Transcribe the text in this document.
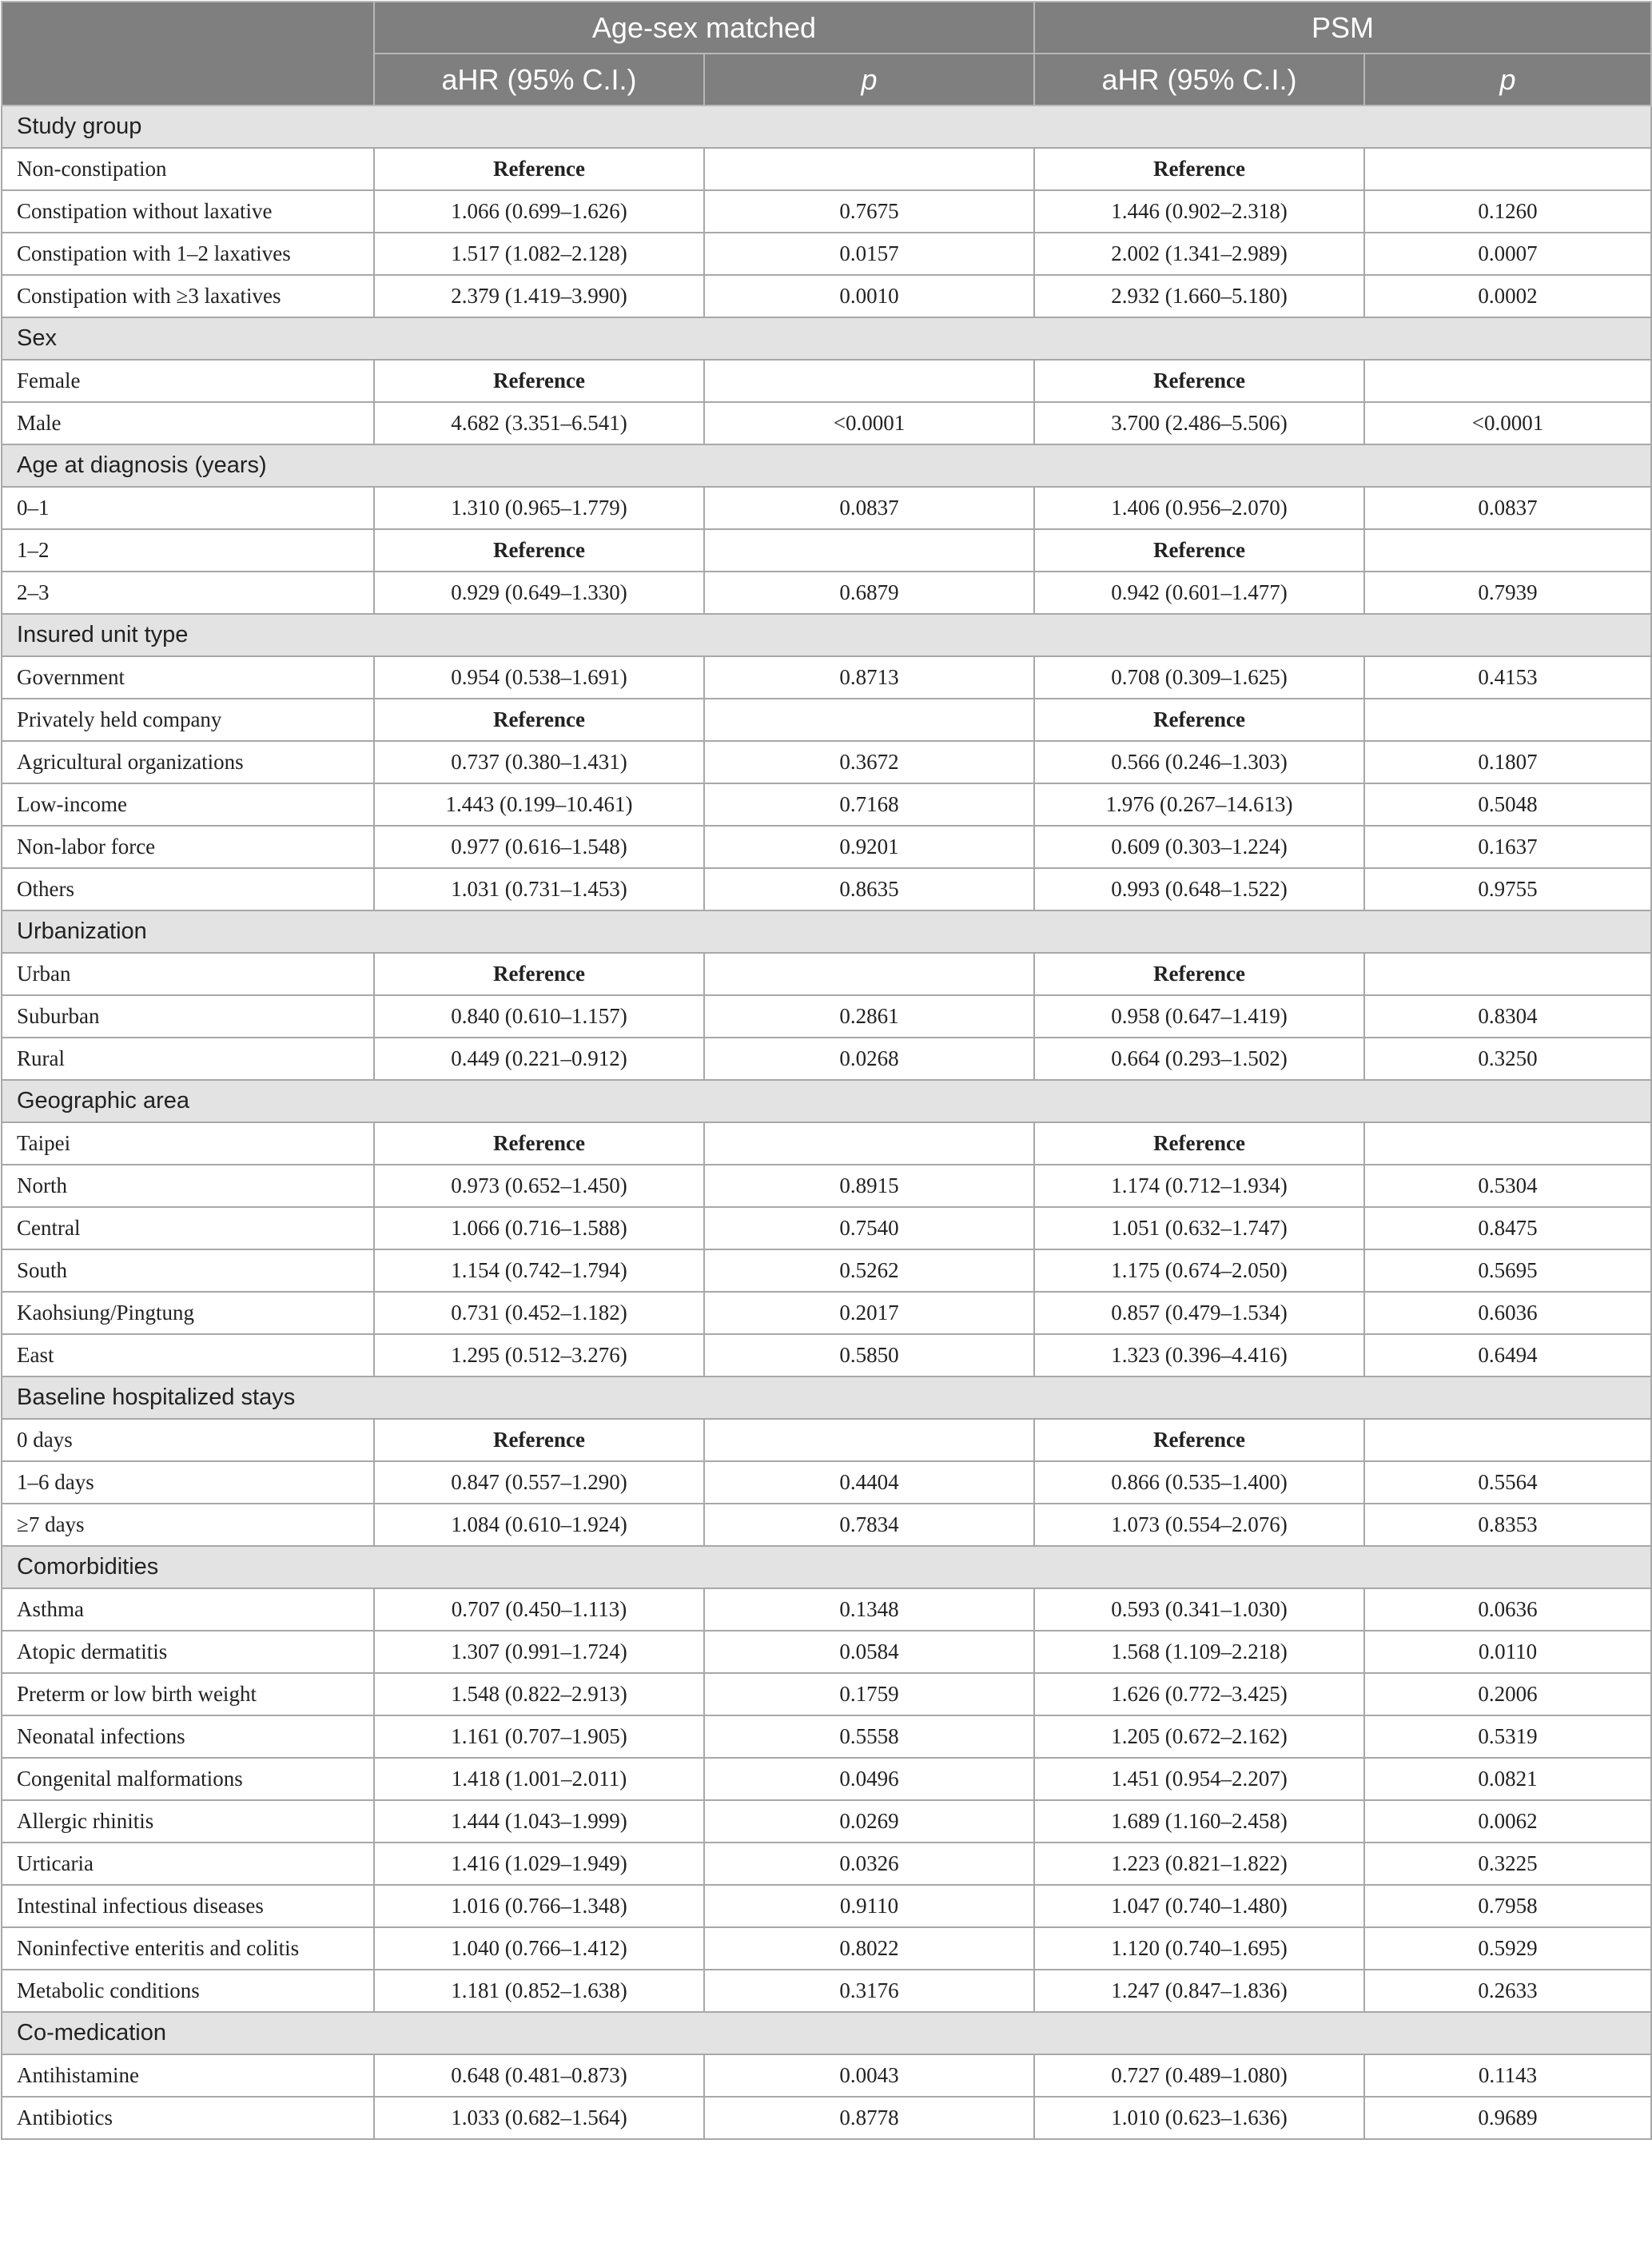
	Age-sex matched		PSM	
	aHR (95% C.I.)	p	aHR (95% C.I.)	p
Study group				
Non-constipation	Reference		Reference	
Constipation without laxative	1.066 (0.699–1.626)	0.7675	1.446 (0.902–2.318)	0.1260
Constipation with 1–2 laxatives	1.517 (1.082–2.128)	0.0157	2.002 (1.341–2.989)	0.0007
Constipation with ≥3 laxatives	2.379 (1.419–3.990)	0.0010	2.932 (1.660–5.180)	0.0002
Sex				
Female	Reference		Reference	
Male	4.682 (3.351–6.541)	<0.0001	3.700 (2.486–5.506)	<0.0001
Age at diagnosis (years)				
0–1	1.310 (0.965–1.779)	0.0837	1.406 (0.956–2.070)	0.0837
1–2	Reference		Reference	
2–3	0.929 (0.649–1.330)	0.6879	0.942 (0.601–1.477)	0.7939
Insured unit type				
Government	0.954 (0.538–1.691)	0.8713	0.708 (0.309–1.625)	0.4153
Privately held company	Reference		Reference	
Agricultural organizations	0.737 (0.380–1.431)	0.3672	0.566 (0.246–1.303)	0.1807
Low-income	1.443 (0.199–10.461)	0.7168	1.976 (0.267–14.613)	0.5048
Non-labor force	0.977 (0.616–1.548)	0.9201	0.609 (0.303–1.224)	0.1637
Others	1.031 (0.731–1.453)	0.8635	0.993 (0.648–1.522)	0.9755
Urbanization				
Urban	Reference		Reference	
Suburban	0.840 (0.610–1.157)	0.2861	0.958 (0.647–1.419)	0.8304
Rural	0.449 (0.221–0.912)	0.0268	0.664 (0.293–1.502)	0.3250
Geographic area				
Taipei	Reference		Reference	
North	0.973 (0.652–1.450)	0.8915	1.174 (0.712–1.934)	0.5304
Central	1.066 (0.716–1.588)	0.7540	1.051 (0.632–1.747)	0.8475
South	1.154 (0.742–1.794)	0.5262	1.175 (0.674–2.050)	0.5695
Kaohsiung/Pingtung	0.731 (0.452–1.182)	0.2017	0.857 (0.479–1.534)	0.6036
East	1.295 (0.512–3.276)	0.5850	1.323 (0.396–4.416)	0.6494
Baseline hospitalized stays				
0 days	Reference		Reference	
1–6 days	0.847 (0.557–1.290)	0.4404	0.866 (0.535–1.400)	0.5564
≥7 days	1.084 (0.610–1.924)	0.7834	1.073 (0.554–2.076)	0.8353
Comorbidities				
Asthma	0.707 (0.450–1.113)	0.1348	0.593 (0.341–1.030)	0.0636
Atopic dermatitis	1.307 (0.991–1.724)	0.0584	1.568 (1.109–2.218)	0.0110
Preterm or low birth weight	1.548 (0.822–2.913)	0.1759	1.626 (0.772–3.425)	0.2006
Neonatal infections	1.161 (0.707–1.905)	0.5558	1.205 (0.672–2.162)	0.5319
Congenital malformations	1.418 (1.001–2.011)	0.0496	1.451 (0.954–2.207)	0.0821
Allergic rhinitis	1.444 (1.043–1.999)	0.0269	1.689 (1.160–2.458)	0.0062
Urticaria	1.416 (1.029–1.949)	0.0326	1.223 (0.821–1.822)	0.3225
Intestinal infectious diseases	1.016 (0.766–1.348)	0.9110	1.047 (0.740–1.480)	0.7958
Noninfective enteritis and colitis	1.040 (0.766–1.412)	0.8022	1.120 (0.740–1.695)	0.5929
Metabolic conditions	1.181 (0.852–1.638)	0.3176	1.247 (0.847–1.836)	0.2633
Co-medication				
Antihistamine	0.648 (0.481–0.873)	0.0043	0.727 (0.489–1.080)	0.1143
Antibiotics	1.033 (0.682–1.564)	0.8778	1.010 (0.623–1.636)	0.9689
